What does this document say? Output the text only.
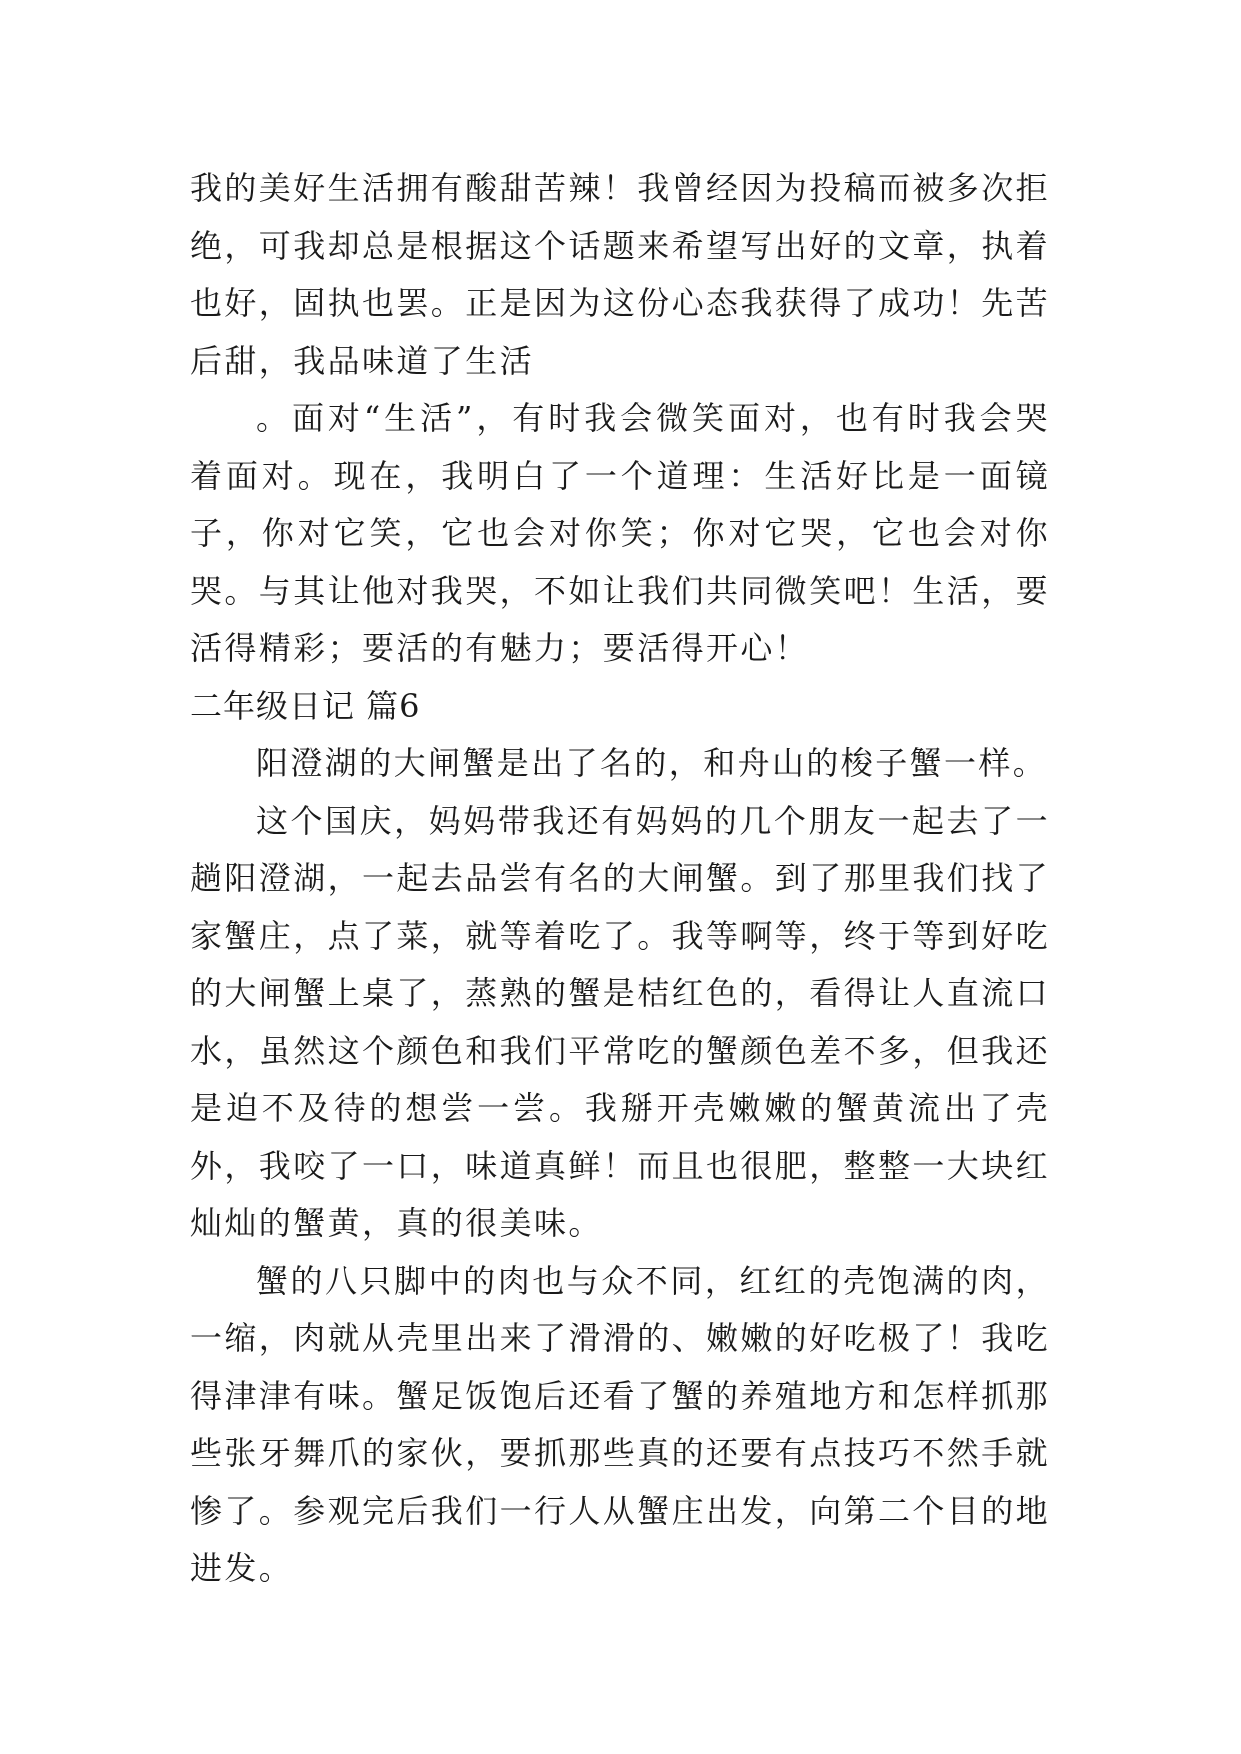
我的美好生活拥有酸甜苦辣！我曾经因为投稿而被多次拒绝，可我却总是根据这个话题来希望写出好的文章，执着也好，固执也罢。正是因为这份心态我获得了成功！先苦后甜，我品味道了生活

。面对“生活”，有时我会微笑面对，也有时我会哭着面对。现在，我明白了一个道理：生活好比是一面镜子，你对它笑，它也会对你笑；你对它哭，它也会对你哭。与其让他对我哭，不如让我们共同微笑吧！生活，要活得精彩；要活的有魅力；要活得开心！

二年级日记 篇6

阳澄湖的大闸蟹是出了名的，和舟山的梭子蟹一样。

这个国庆，妈妈带我还有妈妈的几个朋友一起去了一趟阳澄湖，一起去品尝有名的大闸蟹。到了那里我们找了家蟹庄，点了菜，就等着吃了。我等啊等，终于等到好吃的大闸蟹上桌了，蒸熟的蟹是桔红色的，看得让人直流口水，虽然这个颜色和我们平常吃的蟹颜色差不多，但我还是迫不及待的想尝一尝。我掰开壳嫩嫩的蟹黄流出了壳外，我咬了一口，味道真鲜！而且也很肥，整整一大块红灿灿的蟹黄，真的很美味。

蟹的八只脚中的肉也与众不同，红红的壳饱满的肉，一缩，肉就从壳里出来了滑滑的、嫩嫩的好吃极了！我吃得津津有味。蟹足饭饱后还看了蟹的养殖地方和怎样抓那些张牙舞爪的家伙，要抓那些真的还要有点技巧不然手就惨了。参观完后我们一行人从蟹庄出发，向第二个目的地进发。
